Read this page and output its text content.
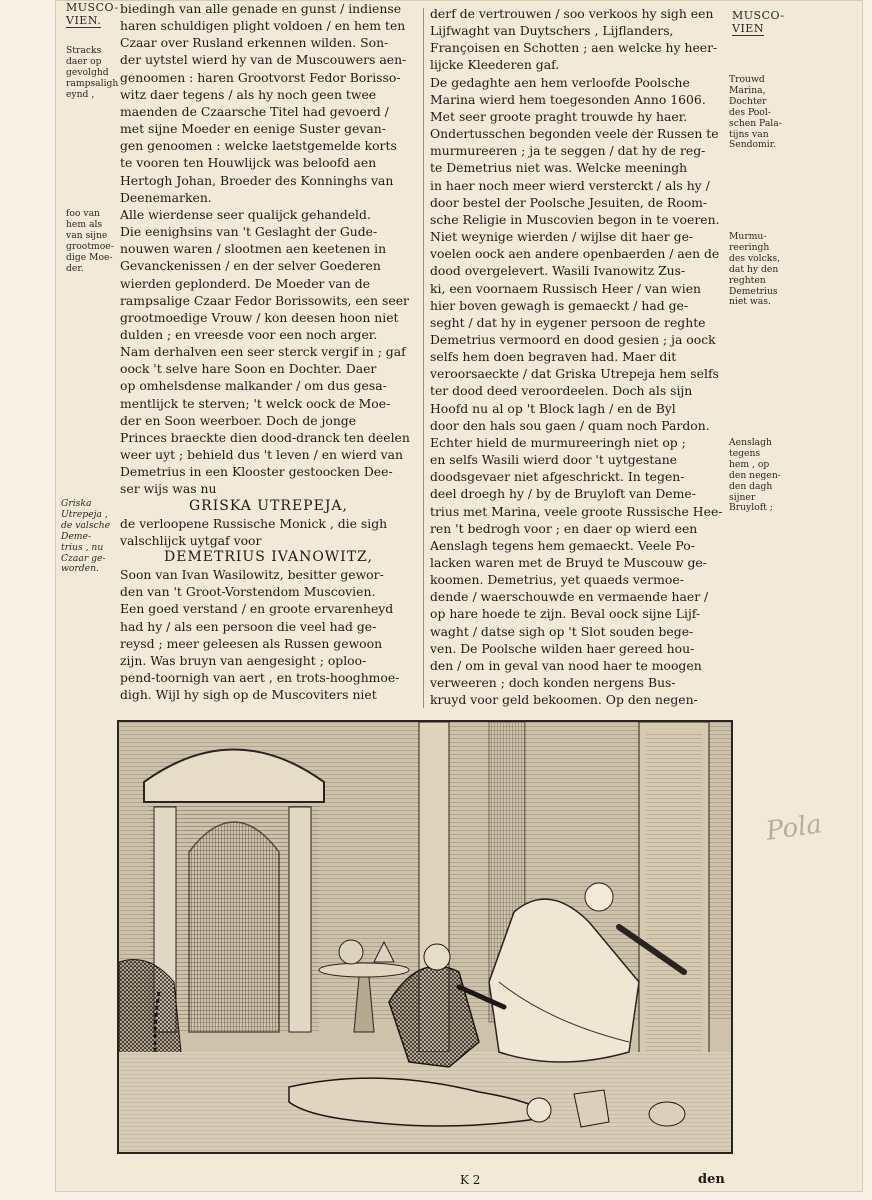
MUSCO-

VIEN.	MUSCO-

VIEN

Stracks

daer op

gevolghd

rampsaligh

eynd ,

foo van

hem als

van sijne

grootmoe-

dige Moe-

der.

Griska

Utrepeja ,

de valsche

Deme-

trius , nu

Czaar ge-

worden.

Trouwd

Marina,

Dochter

des Pool-

schen Pala-

tijns van

Sendomir.

Murmu-

reeringh

des volcks,

dat hy den

reghten

Demetrius

niet was.

Aenslagh

tegens

hem , op

den negen-

den dagh

sijner

Bruyloft ;

biedingh van alle genade en gunst / indiense

haren schuldigen plight voldoen / en hem ten

Czaar over Rusland erkennen wilden. Son-

der uytstel wierd hy van de Muscouwers aen-

genoomen : haren Grootvorst Fedor Borisso-

witz daer tegens / als hy noch geen twee

maenden de Czaarsche Titel had gevoerd /

met sijne Moeder en eenige Suster gevan-

gen genoomen : welcke laetstgemelde korts

te vooren ten Houwlijck was beloofd aen

Hertogh Johan, Broeder des Konninghs van

Deenemarken.

Alle wierdense seer qualijck gehandeld.

Die eenighsins van 't Geslaght der Gude-

nouwen waren / slootmen aen keetenen in

Gevanckenissen / en der selver Goederen

wierden geplonderd. De Moeder van de

rampsalige Czaar Fedor Borissowits, een seer

grootmoedige Vrouw / kon deesen hoon niet

dulden ; en vreesde voor een noch arger.

Nam derhalven een seer sterck vergif in ; gaf

oock 't selve hare Soon en Dochter. Daer

op omhelsdense malkander / om dus gesa-

mentlijck te sterven; 't welck oock de Moe-

der en Soon weerboer. Doch de jonge

Princes braeckte dien dood-dranck ten deelen

weer uyt ; behield dus 't leven / en wierd van

Demetrius in een Klooster gestoocken Dee-

ser wijs was nu

GRISKA UTREPEJA,

de verloopene Russische Monick , die sigh

valschlijck uytgaf voor

DEMETRIUS IVANOWITZ,

Soon van Ivan Wasilowitz, besitter gewor-

den van 't Groot-Vorstendom Muscovien.

Een goed verstand / en groote ervarenheyd

had hy / als een persoon die veel had ge-

reysd ; meer geleesen als Russen gewoon

zijn. Was bruyn van aengesight ; oploo-

pend-toornigh van aert , en trots-hooghmoe-

digh. Wijl hy sigh op de Muscoviters niet

derf de vertrouwen / soo verkoos hy sigh een

Lijfwaght van Duytschers , Lijflanders,

Françoisen en Schotten ; aen welcke hy heer-

lijcke Kleederen gaf.

De gedaghte aen hem verloofde Poolsche

Marina wierd hem toegesonden Anno 1606.

Met seer groote praght trouwde hy haer.

Ondertusschen begonden veele der Russen te

murmureeren ; ja te seggen / dat hy de reg-

te Demetrius niet was. Welcke meeningh

in haer noch meer wierd versterckt / als hy /

door bestel der Poolsche Jesuiten, de Room-

sche Religie in Muscovien begon in te voeren.

Niet weynige wierden / wijlse dit haer ge-

voelen oock aen andere openbaerden / aen de

dood overgelevert. Wasili Ivanowitz Zus-

ki, een voornaem Russisch Heer / van wien

hier boven gewagh is gemaeckt / had ge-

seght / dat hy in eygener persoon de reghte

Demetrius vermoord en dood gesien ; ja oock

selfs hem doen begraven had. Maer dit

veroorsaeckte / dat Griska Utrepeja hem selfs

ter dood deed veroordeelen. Doch als sijn

Hoofd nu al op 't Block lagh / en de Byl

door den hals sou gaen / quam noch Pardon.

Echter hield de murmureeringh niet op ;

en selfs Wasili wierd door 't uytgestane

doodsgevaer niet afgeschrickt. In tegen-

deel droegh hy / by de Bruyloft van Deme-

trius met Marina, veele groote Russische Hee-

ren 't bedrogh voor ; en daer op wierd een

Aenslagh tegens hem gemaeckt. Veele Po-

lacken waren met de Bruyd te Muscouw ge-

koomen. Demetrius, yet quaeds vermoe-

dende / waerschouwde en vermaende haer /

op hare hoede te zijn. Beval oock sijne Lijf-

waght / datse sigh op 't Slot souden bege-

ven. De Poolsche wilden haer gereed hou-

den / om in geval van nood haer te moogen

verweeren ; doch konden nergens Bus-

kruyd voor geld bekoomen. Op den negen-

Pola
K 2	den
